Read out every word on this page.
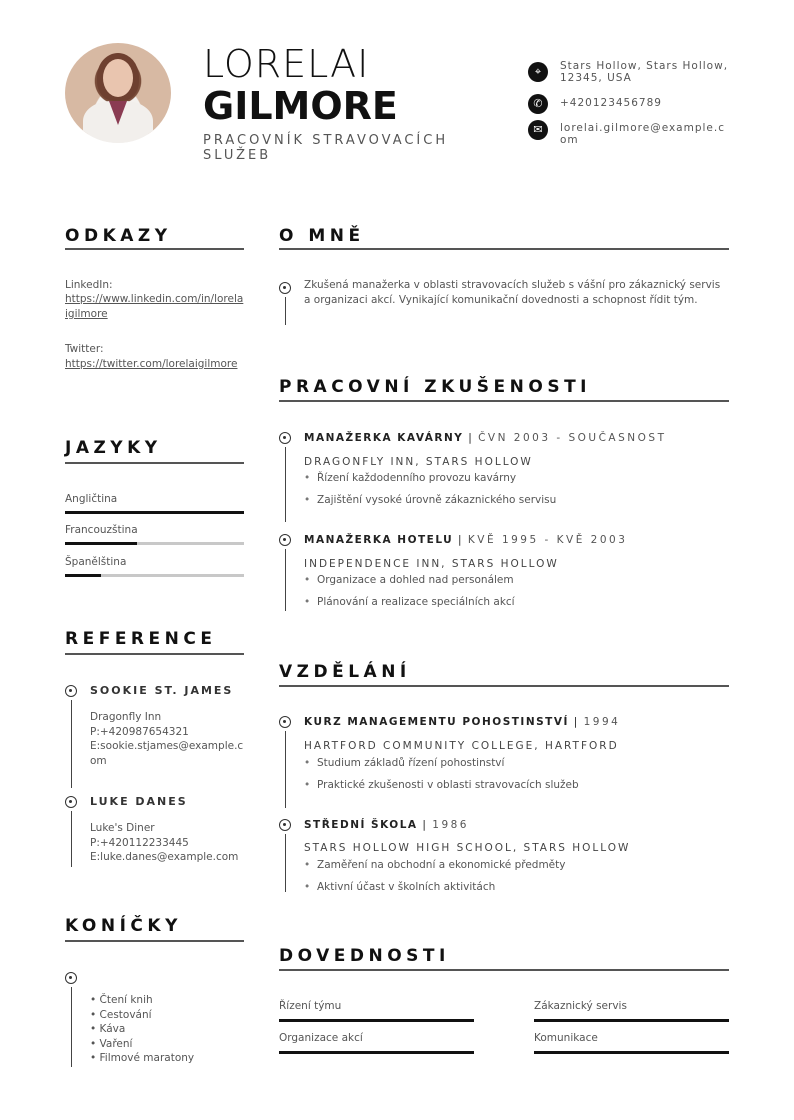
LORELAI
GILMORE
PRACOVNÍK STRAVOVACÍCH SLUŽEB
⌖	Stars Hollow, Stars Hollow, 12345, USA
✆	+420123456789
✉	lorelai.gilmore@example.com
ODKAZY
LinkedIn:
https://www.linkedin.com/in/lorelaigilmore
Twitter:
https://twitter.com/lorelaigilmore
JAZYKY
Angličtina
Francouzština
Španělština
REFERENCE
SOOKIE ST. JAMES
Dragonfly Inn
P:+420987654321
E:sookie.stjames@example.com
LUKE DANES
Luke's Diner
P:+420112233445
E:luke.danes@example.com
KONÍČKY
• Čtení knih
• Cestování
• Káva
• Vaření
• Filmové maratony
O MNĚ
Zkušená manažerka v oblasti stravovacích služeb s vášní pro zákaznický servis a organizaci akcí. Vynikající komunikační dovednosti a schopnost řídit tým.
PRACOVNÍ ZKUŠENOSTI
MANAŽERKA KAVÁRNY | ČVN 2003 - SOUČASNOST
DRAGONFLY INN, STARS HOLLOW
• Řízení každodenního provozu kavárny
• Zajištění vysoké úrovně zákaznického servisu
MANAŽERKA HOTELU | KVĚ 1995 - KVĚ 2003
INDEPENDENCE INN, STARS HOLLOW
• Organizace a dohled nad personálem
• Plánování a realizace speciálních akcí
VZDĚLÁNÍ
KURZ MANAGEMENTU POHOSTINSTVÍ | 1994
HARTFORD COMMUNITY COLLEGE, HARTFORD
• Studium základů řízení pohostinství
• Praktické zkušenosti v oblasti stravovacích služeb
STŘEDNÍ ŠKOLA | 1986
STARS HOLLOW HIGH SCHOOL, STARS HOLLOW
• Zaměření na obchodní a ekonomické předměty
• Aktivní účast v školních aktivitách
DOVEDNOSTI
Řízení týmu	Zákaznický servis
Organizace akcí	Komunikace
